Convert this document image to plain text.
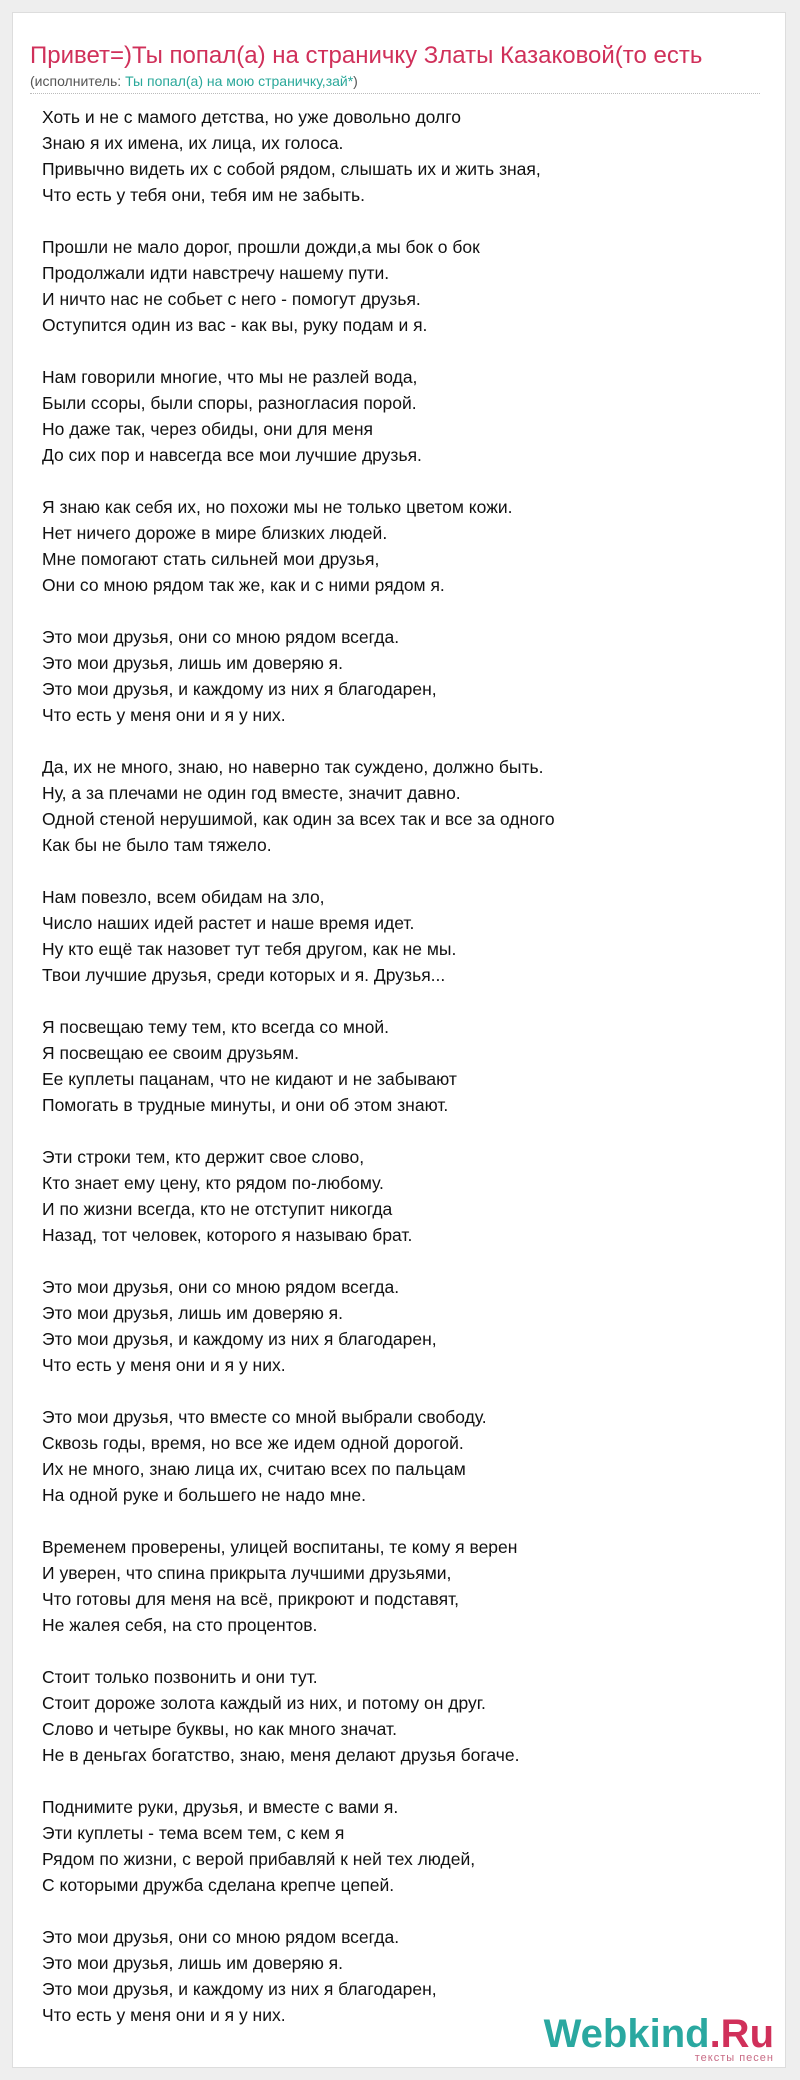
Привет=)Ты попал(а) на страничку Златы Казаковой(то есть
(исполнитель: Ты попал(а) на мою страничку,зай*)
Хоть и не с мамого детства, но уже довольно долго
Знаю я их имена, их лица, их голоса.
Привычно видеть их с собой рядом, слышать их и жить зная,
Что есть у тебя они, тебя им не забыть.
Прошли не мало дорог, прошли дожди,а мы бок о бок
Продолжали идти навстречу нашему пути.
И ничто нас не собьет с него - помогут друзья.
Оступится один из вас - как вы, руку подам и я.
Нам говорили многие, что мы не разлей вода,
Были ссоры, были споры, разногласия порой.
Но даже так, через обиды, они для меня
До сих пор и навсегда все мои лучшие друзья.
Я знаю как себя их, но похожи мы не только цветом кожи.
Нет ничего дороже в мире близких людей.
Мне помогают стать сильней мои друзья,
Они со мною рядом так же, как и с ними рядом я.
Это мои друзья, они со мною рядом всегда.
Это мои друзья, лишь им доверяю я.
Это мои друзья, и каждому из них я благодарен,
Что есть у меня они и я у них.
Да, их не много, знаю, но наверно так суждено, должно быть.
Ну, а за плечами не один год вместе, значит давно.
Одной стеной нерушимой, как один за всех так и все за одного
Как бы не было там тяжело.
Нам повезло, всем обидам на зло,
Число наших идей растет и наше время идет.
Ну кто ещё так назовет тут тебя другом, как не мы.
Твои лучшие друзья, среди которых и я. Друзья...
Я посвещаю тему тем, кто всегда со мной.
Я посвещаю ее своим друзьям.
Ее куплеты пацанам, что не кидают и не забывают
Помогать в трудные минуты, и они об этом знают.
Эти строки тем, кто держит свое слово,
Кто знает ему цену, кто рядом по-любому.
И по жизни всегда, кто не отступит никогда
Назад, тот человек, которого я называю брат.
Это мои друзья, они со мною рядом всегда.
Это мои друзья, лишь им доверяю я.
Это мои друзья, и каждому из них я благодарен,
Что есть у меня они и я у них.
Это мои друзья, что вместе со мной выбрали свободу.
Сквозь годы, время, но все же идем одной дорогой.
Их не много, знаю лица их, считаю всех по пальцам
На одной руке и большего не надо мне.
Временем проверены, улицей воспитаны, те кому я верен
И уверен, что спина прикрыта лучшими друзьями,
Что готовы для меня на всё, прикроют и подставят,
Не жалея себя, на сто процентов.
Стоит только позвонить и они тут.
Стоит дороже золота каждый из них, и потому он друг.
Слово и четыре буквы, но как много значат.
Не в деньгах богатство, знаю, меня делают друзья богаче.
Поднимите руки, друзья, и вместе с вами я.
Эти куплеты - тема всем тем, с кем я
Рядом по жизни, с верой прибавляй к ней тех людей,
С которыми дружба сделана крепче цепей.
Это мои друзья, они со мною рядом всегда.
Это мои друзья, лишь им доверяю я.
Это мои друзья, и каждому из них я благодарен,
Что есть у меня они и я у них.	Webkind.Ru
тексты песен
